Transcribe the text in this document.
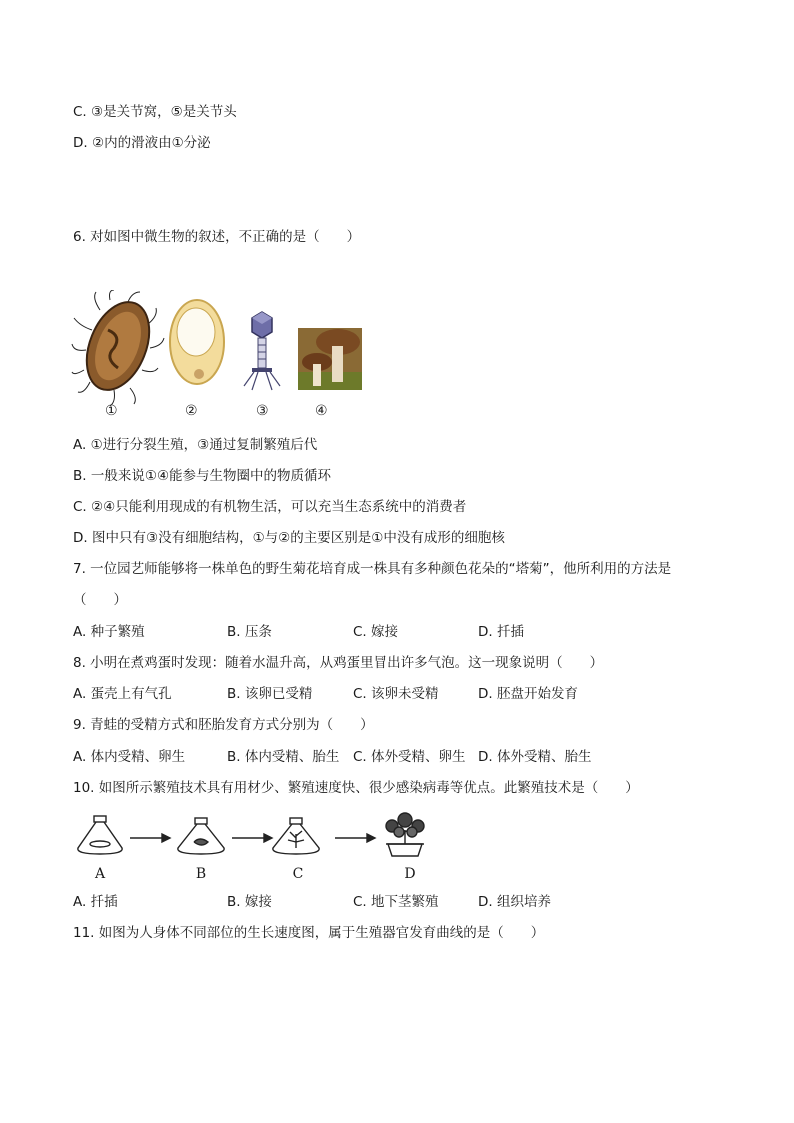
C. ③是关节窝，⑤是关节头
D. ②内的滑液由①分泌
6. 对如图中微生物的叙述，不正确的是（　　）
①	②	③	④
A. ①进行分裂生殖，③通过复制繁殖后代
B. 一般来说①④能参与生物圈中的物质循环
C. ②④只能利用现成的有机物生活，可以充当生态系统中的消费者
D. 图中只有③没有细胞结构，①与②的主要区别是①中没有成形的细胞核
7. 一位园艺师能够将一株单色的野生菊花培育成一株具有多种颜色花朵的“塔菊”，他所利用的方法是
（　　）
A. 种子繁殖	B. 压条	C. 嫁接	D. 扦插
8. 小明在煮鸡蛋时发现：随着水温升高，从鸡蛋里冒出许多气泡。这一现象说明（　　）
A. 蛋壳上有气孔	B. 该卵已受精	C. 该卵未受精	D. 胚盘开始发育
9. 青蛙的受精方式和胚胎发育方式分别为（　　）
A. 体内受精、卵生	B. 体内受精、胎生 C. 体外受精、卵生 D. 体外受精、胎生
10. 如图所示繁殖技术具有用材少、繁殖速度快、很少感染病毒等优点。此繁殖技术是（　　）
A	B	C	D
A. 扦插	B. 嫁接	C. 地下茎繁殖	D. 组织培养
11. 如图为人身体不同部位的生长速度图，属于生殖器官发育曲线的是（　　）
